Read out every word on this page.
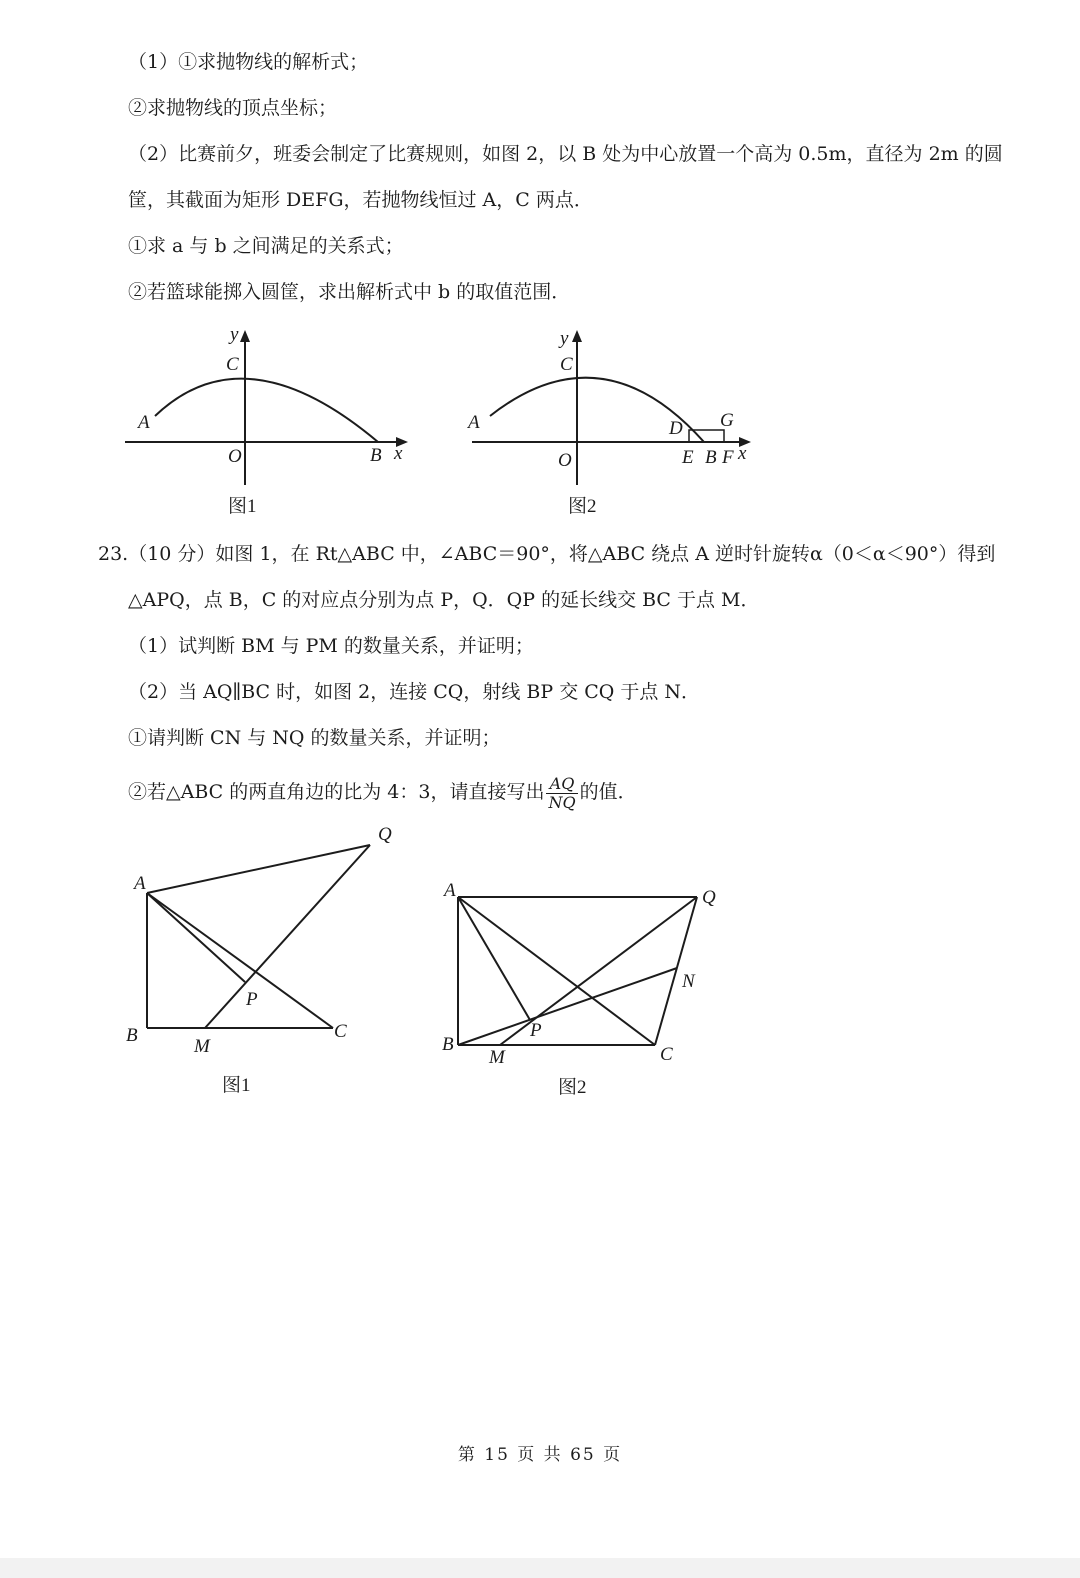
（1）①求抛物线的解析式；
②求抛物线的顶点坐标；
（2）比赛前夕，班委会制定了比赛规则，如图 2，以 B 处为中心放置一个高为 0.5m，直径为 2m 的圆
筐，其截面为矩形 DEFG，若抛物线恒过 A，C 两点．
①求 a 与 b 之间满足的关系式；
②若篮球能掷入圆筐，求出解析式中 b 的取值范围．
y
C
A
O	B x
图1
y
C
A
O
D G
E B F x
图2
23.（10 分）如图 1，在 Rt△ABC 中，∠ABC＝90°，将△ABC 绕点 A 逆时针旋转α（0＜α＜90°）得到
△APQ，点 B，C 的对应点分别为点 P，Q．QP 的延长线交 BC 于点 M．
（1）试判断 BM 与 PM 的数量关系，并证明；
（2）当 AQ∥BC 时，如图 2，连接 CQ，射线 BP 交 CQ 于点 N．
①请判断 CN 与 NQ 的数量关系，并证明；
②若△ABC 的两直角边的比为 4：3，请直接写出 $\frac{AQ}{NQ}$ 的值．
A
Q
P
B
M
C
图1
A	Q
N
P
B
M	C
图2
第 15 页 共 65 页
